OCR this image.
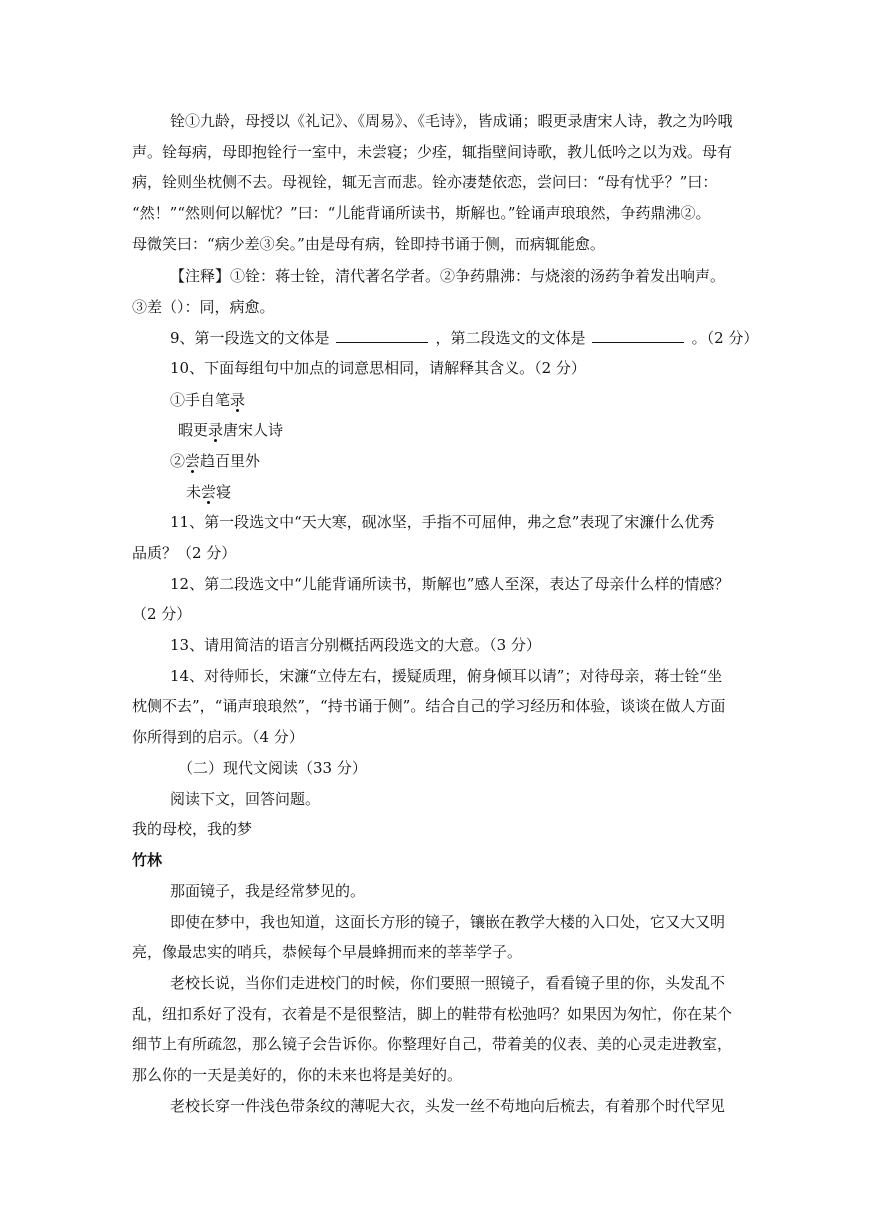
铨①九龄，母授以《礼记》、《周易》、《毛诗》，皆成诵；暇更录唐宋人诗，教之为吟哦
声。铨每病，母即抱铨行一室中，未尝寝；少痊，辄指壁间诗歌，教儿低吟之以为戏。母有
病，铨则坐枕侧不去。母视铨，辄无言而悲。铨亦凄楚依恋，尝问曰：“母有忧乎？”曰：
“然！”“然则何以解忧？”曰：“儿能背诵所读书，斯解也。”铨诵声琅琅然，争药鼎沸②。
母微笑曰：“病少差③矣。”由是母有病，铨即持书诵于侧，而病辄能愈。
【注释】①铨：蒋士铨，清代著名学者。②争药鼎沸：与烧滚的汤药争着发出响声。
③差（）：同，病愈。
9、第一段选文的文体是	，第二段选文的文体是	。（2 分）
10、下面每组句中加点的词意思相同，请解释其含义。（2 分）
①手自笔录
暇更录唐宋人诗
②尝趋百里外
未尝寝
11、第一段选文中“天大寒，砚冰坚，手指不可屈伸，弗之怠”表现了宋濂什么优秀
品质？（2 分）
12、第二段选文中“儿能背诵所读书，斯解也”感人至深，表达了母亲什么样的情感？
（2 分）
13、请用简洁的语言分别概括两段选文的大意。（3 分）
14、对待师长，宋濂“立侍左右，援疑质理，俯身倾耳以请”；对待母亲，蒋士铨“坐
枕侧不去”，“诵声琅琅然”，“持书诵于侧”。结合自己的学习经历和体验，谈谈在做人方面
你所得到的启示。（4 分）
（二）现代文阅读（33 分）
阅读下文，回答问题。
我的母校，我的梦
竹林
那面镜子，我是经常梦见的。
即使在梦中，我也知道，这面长方形的镜子，镶嵌在教学大楼的入口处，它又大又明
亮，像最忠实的哨兵，恭候每个早晨蜂拥而来的莘莘学子。
老校长说，当你们走进校门的时候，你们要照一照镜子，看看镜子里的你，头发乱不
乱，纽扣系好了没有，衣着是不是很整洁，脚上的鞋带有松弛吗？如果因为匆忙，你在某个
细节上有所疏忽，那么镜子会告诉你。你整理好自己，带着美的仪表、美的心灵走进教室，
那么你的一天是美好的，你的未来也将是美好的。
老校长穿一件浅色带条纹的薄呢大衣，头发一丝不苟地向后梳去，有着那个时代罕见
